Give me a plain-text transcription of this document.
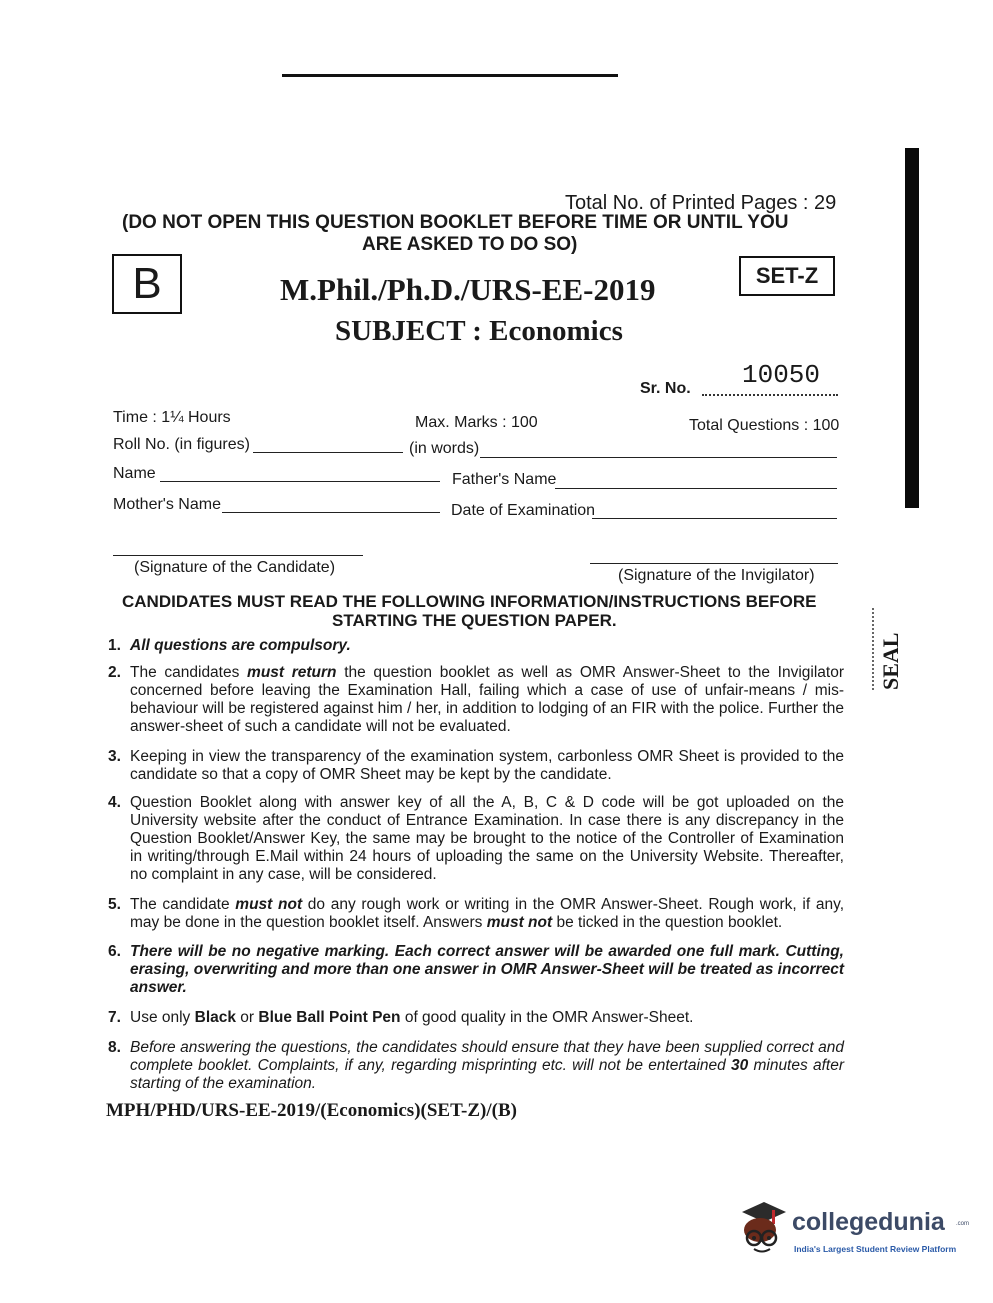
Total No. of Printed Pages : 29
(DO NOT OPEN THIS QUESTION BOOKLET BEFORE TIME OR UNTIL YOU
ARE ASKED TO DO SO)
B	SET-Z
M.Phil./Ph.D./URS-EE-2019
SUBJECT : Economics
10050
Sr. No.
Time : 1¼ Hours	Max. Marks : 100	Total Questions : 100
Roll No. (in figures)	(in words)
Name	Father's Name
Mother's Name	Date of Examination
(Signature of the Candidate)	(Signature of the Invigilator)
SEAL
CANDIDATES MUST READ THE FOLLOWING INFORMATION/INSTRUCTIONS BEFORE
STARTING THE QUESTION PAPER.
1. All questions are compulsory.
2. The candidates must return the question booklet as well as OMR Answer-Sheet to the Invigilator concerned before leaving the Examination Hall, failing which a case of use of unfair-means / mis-behaviour will be registered against him / her, in addition to lodging of an FIR with the police. Further the answer-sheet of such a candidate will not be evaluated.
3. Keeping in view the transparency of the examination system, carbonless OMR Sheet is provided to the candidate so that a copy of OMR Sheet may be kept by the candidate.
4. Question Booklet along with answer key of all the A, B, C & D code will be got uploaded on the University website after the conduct of Entrance Examination. In case there is any discrepancy in the Question Booklet/Answer Key, the same may be brought to the notice of the Controller of Examination in writing/through E.Mail within 24 hours of uploading the same on the University Website. Thereafter, no complaint in any case, will be considered.
5. The candidate must not do any rough work or writing in the OMR Answer-Sheet. Rough work, if any, may be done in the question booklet itself. Answers must not be ticked in the question booklet.
6. There will be no negative marking. Each correct answer will be awarded one full mark. Cutting, erasing, overwriting and more than one answer in OMR Answer-Sheet will be treated as incorrect answer.
7. Use only Black or Blue Ball Point Pen of good quality in the OMR Answer-Sheet.
8. Before answering the questions, the candidates should ensure that they have been supplied correct and complete booklet. Complaints, if any, regarding misprinting etc. will not be entertained 30 minutes after starting of the examination.
MPH/PHD/URS-EE-2019/(Economics)(SET-Z)/(B)
collegedunia .com
India's Largest Student Review Platform
